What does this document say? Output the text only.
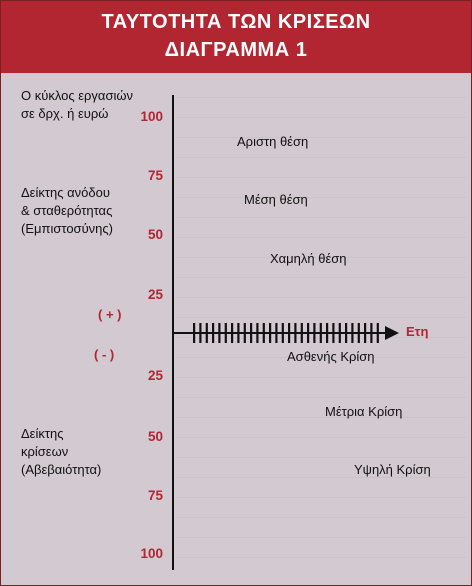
ΤΑΥΤΟΤΗΤΑ ΤΩΝ ΚΡΙΣΕΩΝ
ΔΙΑΓΡΑΜΜΑ 1
Ο κύκλος εργασιών
σε δρχ. ή ευρώ
Δείκτης ανόδου
& σταθερότητας
(Εμπιστοσύνης)
Δείκτης
κρίσεων
(Αβεβαιότητα)
100
75
50
25
( + )
( - )
25
50
75
100
Ετη
Αριστη θέση
Μέση θέση
Χαμηλή θέση
Ασθενής Κρίση
Μέτρια Κρίση
Υψηλή Κρίση
